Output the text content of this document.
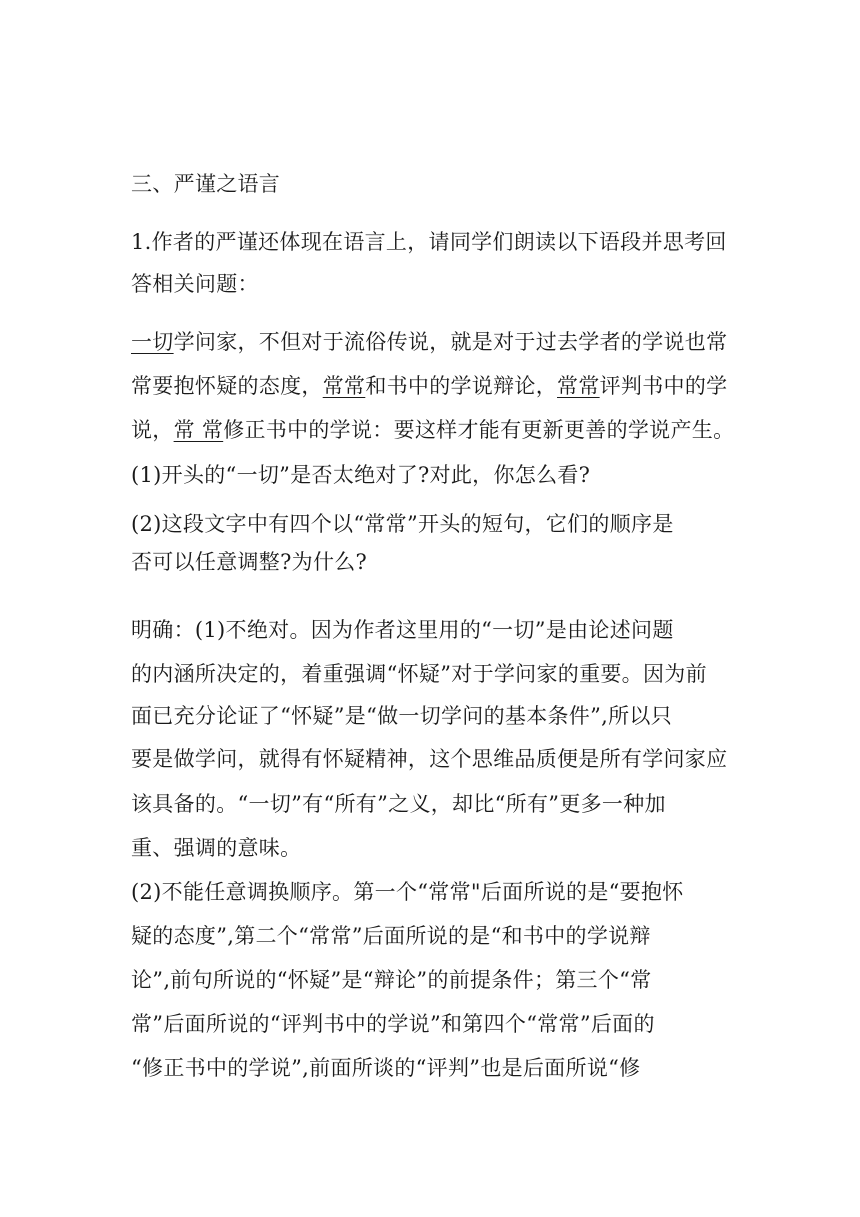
三、严谨之语言
1.作者的严谨还体现在语言上，请同学们朗读以下语段并思考回
答相关问题：
一切学问家，不但对于流俗传说，就是对于过去学者的学说也常
常要抱怀疑的态度，常常和书中的学说辩论，常常评判书中的学
说，常 常修正书中的学说：要这样才能有更新更善的学说产生。
(1)开头的“一切”是否太绝对了?对此，你怎么看?
(2)这段文字中有四个以“常常”开头的短句，它们的顺序是
否可以任意调整?为什么?
明确：(1)不绝对。因为作者这里用的“一切”是由论述问题
的内涵所决定的，着重强调“怀疑”对于学问家的重要。因为前
面已充分论证了“怀疑”是“做一切学问的基本条件”,所以只
要是做学问，就得有怀疑精神，这个思维品质便是所有学问家应
该具备的。“一切”有“所有”之义，却比“所有”更多一种加
重、强调的意味。
(2)不能任意调换顺序。第一个“常常"后面所说的是“要抱怀
疑的态度”,第二个“常常”后面所说的是“和书中的学说辩
论”,前句所说的“怀疑”是“辩论”的前提条件；第三个“常
常”后面所说的“评判书中的学说”和第四个“常常”后面的
“修正书中的学说”,前面所谈的“评判”也是后面所说“修
